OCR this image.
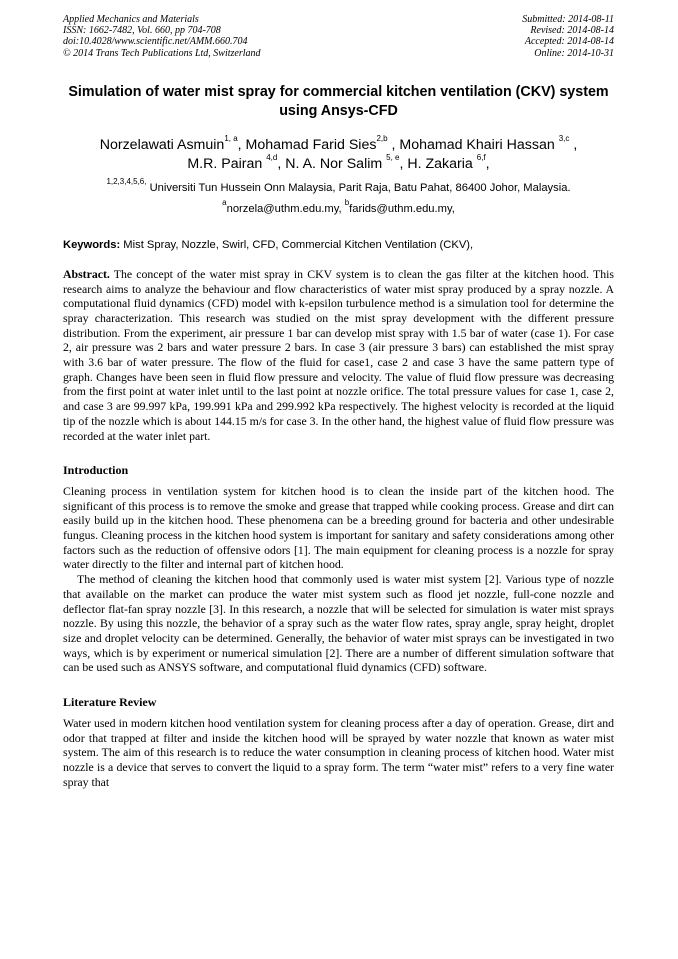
Applied Mechanics and Materials
ISSN: 1662-7482, Vol. 660, pp 704-708
doi:10.4028/www.scientific.net/AMM.660.704
© 2014 Trans Tech Publications Ltd, Switzerland
Submitted: 2014-08-11
Revised: 2014-08-14
Accepted: 2014-08-14
Online: 2014-10-31
Simulation of water mist spray for commercial kitchen ventilation (CKV) system using Ansys-CFD
Norzelawati Asmuin$^{1, a}$, Mohamad Farid Sies$^{2,b}$ , Mohamad Khairi Hassan $^{3,c}$ ,
M.R. Pairan $^{4,d}$, N. A. Nor Salim $^{5, e}$, H. Zakaria $^{6,f}$,
$^{1,2,3,4,5,6,}$ Universiti Tun Hussein Onn Malaysia, Parit Raja, Batu Pahat, 86400 Johor, Malaysia.
$^a$norzela@uthm.edu.my, $^b$farids@uthm.edu.my,
Keywords: Mist Spray, Nozzle, Swirl, CFD, Commercial Kitchen Ventilation (CKV),
Abstract. The concept of the water mist spray in CKV system is to clean the gas filter at the kitchen hood. This research aims to analyze the behaviour and flow characteristics of water mist spray produced by a spray nozzle. A computational fluid dynamics (CFD) model with k-epsilon turbulence method is a simulation tool for determine the spray characterization. This research was studied on the mist spray development with the different pressure distribution. From the experiment, air pressure 1 bar can develop mist spray with 1.5 bar of water (case 1). For case 2, air pressure was 2 bars and water pressure 2 bars. In case 3 (air pressure 3 bars) can established the mist spray with 3.6 bar of water pressure. The flow of the fluid for case1, case 2 and case 3 have the same pattern type of graph. Changes have been seen in fluid flow pressure and velocity. The value of fluid flow pressure was decreasing from the first point at water inlet until to the last point at nozzle orifice. The total pressure values for case 1, case 2, and case 3 are 99.997 kPa, 199.991 kPa and 299.992 kPa respectively. The highest velocity is recorded at the liquid tip of the nozzle which is about 144.15 m/s for case 3. In the other hand, the highest value of fluid flow pressure was recorded at the water inlet part.
Introduction

Cleaning process in ventilation system for kitchen hood is to clean the inside part of the kitchen hood. The significant of this process is to remove the smoke and grease that trapped while cooking process. Grease and dirt can easily build up in the kitchen hood. These phenomena can be a breeding ground for bacteria and other undesirable fungus. Cleaning process in the kitchen hood system is important for sanitary and safety considerations among other factors such as the reduction of offensive odors [1]. The main equipment for cleaning process is a nozzle for spray water directly to the filter and internal part of kitchen hood.

The method of cleaning the kitchen hood that commonly used is water mist system [2]. Various type of nozzle that available on the market can produce the water mist system such as flood jet nozzle, full-cone nozzle and deflector flat-fan spray nozzle [3]. In this research, a nozzle that will be selected for simulation is water mist sprays nozzle. By using this nozzle, the behavior of a spray such as the water flow rates, spray angle, spray height, droplet size and droplet velocity can be determined. Generally, the behavior of water mist sprays can be investigated in two ways, which is by experiment or numerical simulation [2]. There are a number of different simulation software that can be used such as ANSYS software, and computational fluid dynamics (CFD) software.

Literature Review

Water used in modern kitchen hood ventilation system for cleaning process after a day of operation. Grease, dirt and odor that trapped at filter and inside the kitchen hood will be sprayed by water nozzle that known as water mist system. The aim of this research is to reduce the water consumption in cleaning process of kitchen hood. Water mist nozzle is a device that serves to convert the liquid to a spray form. The term “water mist” refers to a very fine water spray that
